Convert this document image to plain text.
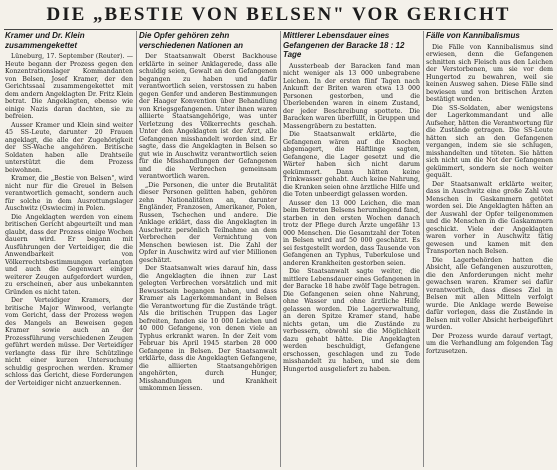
DIE „BESTIE VON BELSEN" VOR GERICHT
Kramer und Dr. Klein zusammengekettet

Lüneburg, 17. September (Reuter). — Heute begann der Prozess gegen den Konzentrationslager Kommandanten von Belsen, Josef Kramer, der den Gerichtssaal zusammengekettet mit dem andern Angeklagten Dr. Fritz Klein betrat. Die Angeklagten, ebenso wie einige Nazis daran dachten, sie zu befreien.

Ausser Kramer und Klein sind weiter 45 SS-Leute, darunter 20 Frauen angeklagt, die alle der Zugehörigkeit der SS-Wache angehören. Britische Soldaten haben alle Drahtseile unterstützt die dem Prozess beiwohnen.

Kramer, die „Bestie von Belsen", wird nicht nur für die Greuel in Belsen verantwortlich gemacht, sondern auch für solche in dem Ausrottungslager Auschwitz (Oswiecim) in Polen.

Die Angeklagten werden von einem britischen Gericht abgeurteilt und man glaubt, dass der Prozess einige Wochen dauern wird. Er begann mit Ausführungen der Verteidiger, die die Anwendbarkeit von Völkerrechtsbestimmungen verlangten und auch die Gegenwart einiger weiterer Zeugen aufgefordert wurden, zu erscheinen, aber aus unbekannten Gründen es nicht taten.

Der Verteidiger Kramers, der britische Major Winwood, verlangte vom Gericht, dass der Prozess wegen des Mangels an Beweisen gegen Kramer sowie auch an der Prozessführung verschiedenen Zeugen geführt werden müsse. Der Verteidiger verlangte dass für ihre Schützlinge nicht einer kurzen Untersuchung schuldig gesprochen werden. Kramer schloss das Gericht, diese Forderungen der Verteidiger nicht anzuerkennen.

Die Opfer gehören zehn verschiedenen Nationen an

Der Staatsanwalt Oberst Backhouse erklärte in seiner Anklagerede, dass alle schuldig seien, Gewalt an den Gefangenen begangen zu haben und dafür verantwortlich seien, verstossen zu haben gegen Genfer und anderen Bestimmungen der Haager Konvention über Behandlung von Kriegsgefangenen. Unter ihnen waren alliierte Staatsangehörige, was unter Verletzung des Völkerrechts geschah. Unter den Angeklagten ist der Arzt, alle Gefangenen misshandelt worden sind. Er sagte, dass die Angeklagten in Belsen so gut wie in Auschwitz verantwortlich seien für die Misshandlungen der Gefangenen und die Verbrechen gemeinsam verantwortlich waren.

„Die Personen, die unter die Brutalität dieser Personen gelitten haben, gehören zehn Nationalitäten an, darunter Engländer, Franzosen, Amerikaner, Polen, Russen, Tschechen und andere. Die Anklage erklärt, dass die Angeklagten in Auschwitz persönlich Teilnahme an dem Verbrechen der Vernichtung von Menschen bewiesen ist. Die Zahl der Opfer in Auschwitz wird auf vier Millionen geschätzt.

Der Staatsanwalt wies darauf hin, dass die Angeklagten die ihnen zur Last gelegten Verbrechen vorsätzlich und mit Bewusstsein begangen haben, und dass Kramer als Lagerkommandant in Belsen die Verantwortung für die Zustände trägt. Als die britischen Truppen das Lager befreiten, fanden sie 10 000 Leichen und 40 000 Gefangene, von denen viele an Typhus erkrankt waren. In der Zeit vom Februar bis April 1945 starben 28 000 Gefangene in Belsen. Der Staatsanwalt erklärte, dass die Angeklagten Gefangene, die alliierten Staatsangehörigen angehörten, durch Hunger, Misshandlungen und Krankheit umkommen liessen.

Mittlerer Lebensdauer eines Gefangenen der Baracke 18 : 12 Tage

Aussterbeab der Baracken fand man nicht weniger als 13 000 unbegrabene Leichen. In der ersten fünf Tagen nach Ankunft der Briten waren etwa 13 000 Personen gestorben, und die Überlebenden waren in einem Zustand, der jeder Beschreibung spottete. Die Baracken waren überfüllt, in Gruppen und Massengräbern zu bestatten.

Die Staatsanwalt erklärte, die Gefangenen wären auf die Knochen abgemagert, die Häftlinge sagten, Gefangene, die Lager gesetzt und die Wärter haben sich nicht darum gekümmert. Dann hätten keine Trinkwasser gehabt. Auch keine Nahrung, die Kranken seien ohne ärztliche Hilfe und die Toten unbeerdigt gelassen worden.

Ausser den 13 000 Leichen, die man beim Betreten Belsens herumliegend fand, starben in den ersten Wochen danach trotz der Pflege durch Ärzte ungefähr 13 000 Menschen. Die Gesamtzahl der Toten in Belsen wird auf 50 000 geschätzt. Es sei festgestellt worden, dass Tausende von Gefangenen an Typhus, Tuberkulose und anderen Krankheiten gestorben seien.

Die Staatsanwalt sagte weiter, die mittlere Lebensdauer eines Gefangenen in der Baracke 18 habe zwölf Tage betragen. Die Gefangenen seien ohne Nahrung, ohne Wasser und ohne ärztliche Hilfe gelassen worden. Die Lagerverwaltung, an deren Spitze Kramer stand, habe nichts getan, um die Zustände zu verbessern, obwohl sie die Möglichkeit dazu gehabt hätte. Die Angeklagten werden beschuldigt, Gefangene erschossen, geschlagen und zu Tode misshandelt zu haben, und sie dem Hungertod ausgeliefert zu haben.

Fälle von Kannibalismus

Die Fälle von Kannibalismus sind erwiesen, denn die Gefangenen schnitten sich Fleisch aus den Leichen der Verstorbenen, um sie vor dem Hungertod zu bewahren, weil sie keinen Ausweg sahen. Diese Fälle sind bewiesen und von britischen Ärzten bestätigt worden.

Die SS-Soldaten, aber wenigstens der Lagerkommandant und alle Aufseher, hätten die Verantwortung für die Zustände getragen. Die SS-Leute hätten sich an den Gefangenen vergangen, indem sie sie schlugen, misshandelten und töteten. Sie hätten sich nicht um die Not der Gefangenen gekümmert, sondern sie noch weiter gequält.

Der Staatsanwalt erklärte weiter, dass in Auschwitz eine große Zahl von Menschen in Gaskammern getötet worden sei. Die Angeklagten hätten an der Auswahl der Opfer teilgenommen und die Menschen in die Gaskammern geschickt. Viele der Angeklagten waren vorher in Auschwitz tätig gewesen und kamen mit den Transporten nach Belsen.

Die Lagerbehörden hatten die Absicht, alle Gefangenen auszurotten, die den Anforderungen nicht mehr gewachsen waren. Kramer sei dafür verantwortlich, dass dieses Ziel in Belsen mit allen Mitteln verfolgt wurde. Die Anklage werde Beweise dafür vorlegen, dass die Zustände in Belsen mit voller Absicht herbeigeführt wurden.

Der Prozess wurde darauf vertagt, um die Verhandlung am folgenden Tag fortzusetzen.
